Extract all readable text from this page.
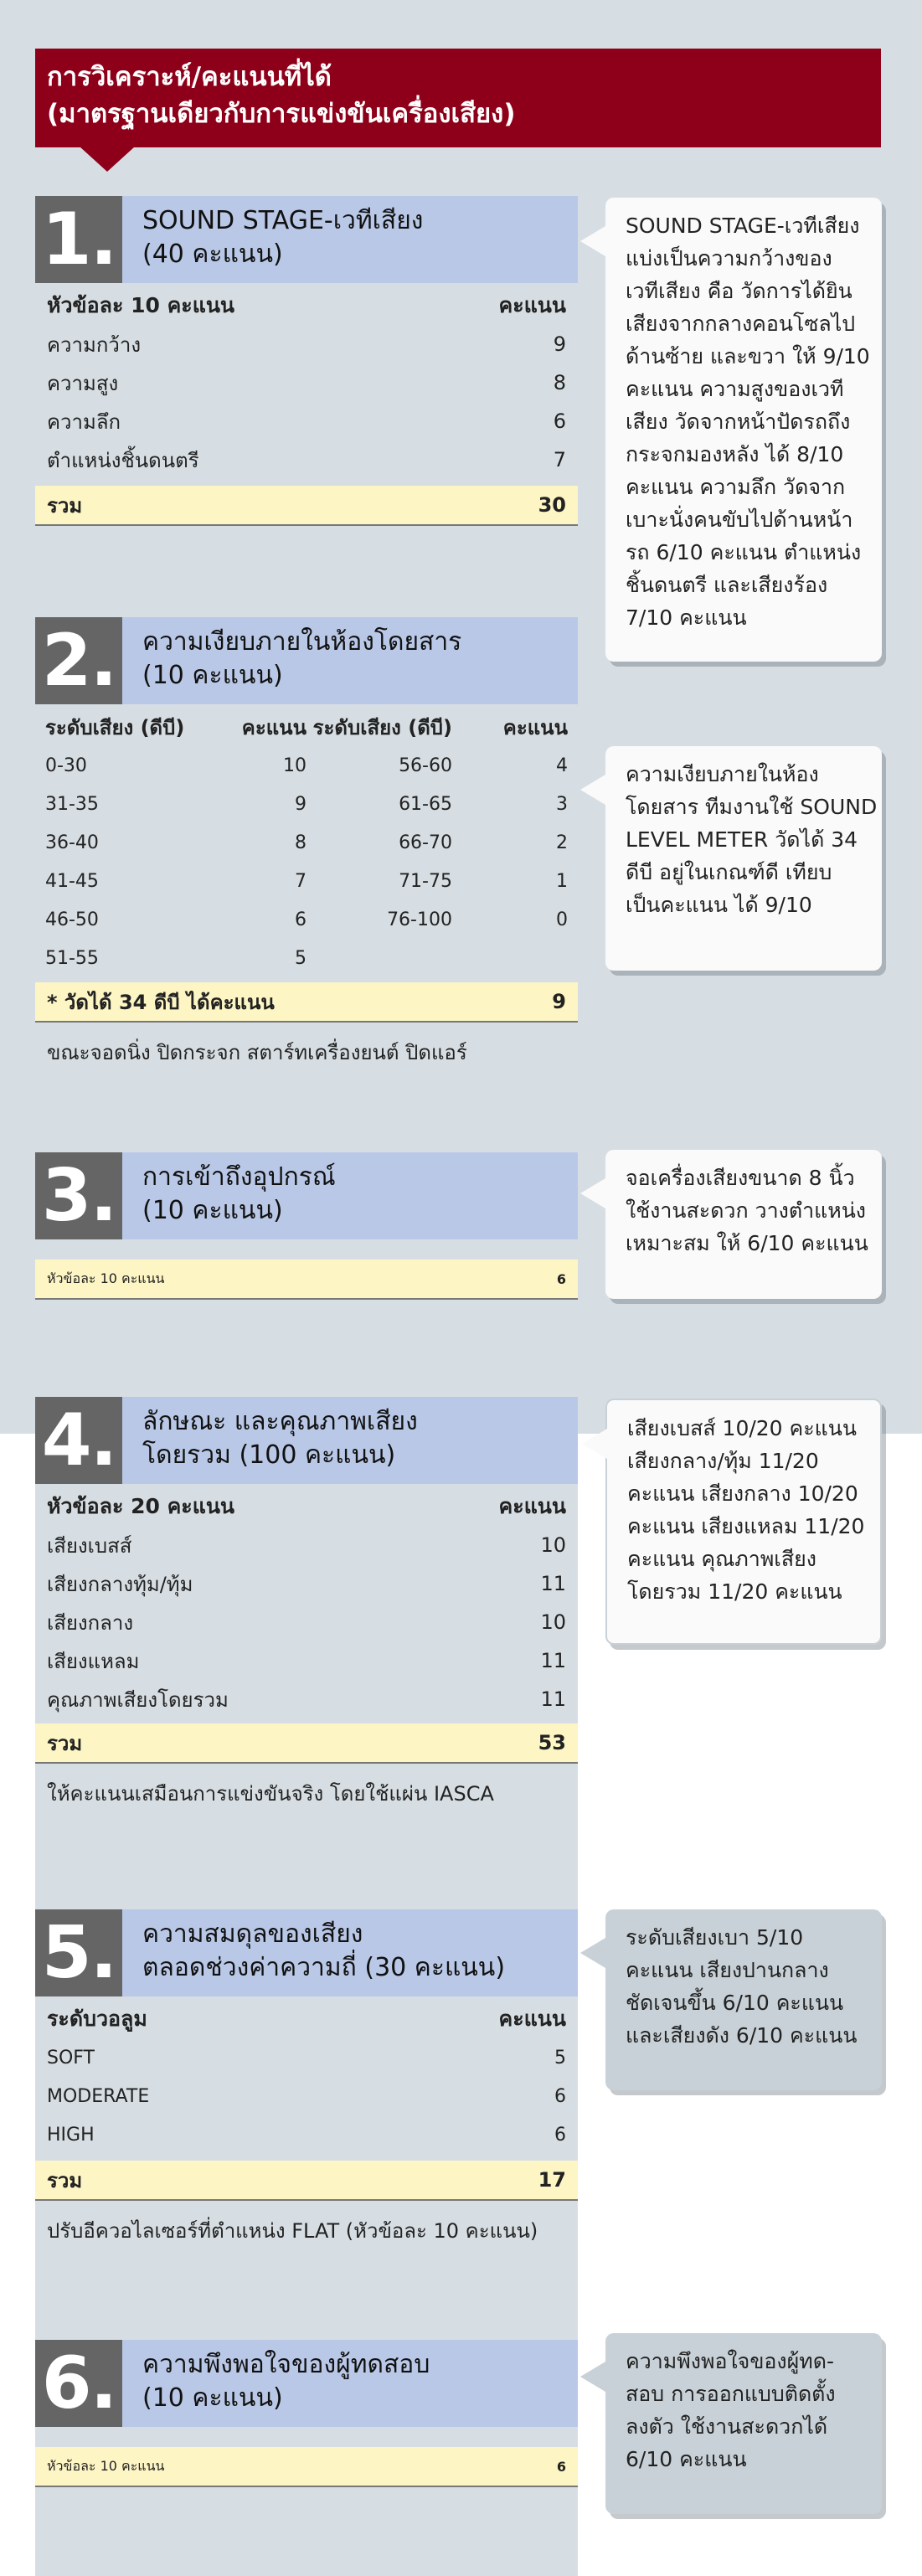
การวิเคราะห์/คะแนนที่ได้
(มาตรฐานเดียวกับการแข่งขันเครื่องเสียง)
1. SOUND STAGE-เวทีเสียง
(40 คะแนน)
หัวข้อละ 10 คะแนน	คะแนน
ความกว้าง	9
ความสูง	8
ความลึก	6
ตำแหน่งชิ้นดนตรี	7
รวม	30
SOUND STAGE-เวทีเสียง
แบ่งเป็นความกว้างของ
เวทีเสียง คือ วัดการได้ยิน
เสียงจากกลางคอนโซลไป
ด้านซ้าย และขวา ให้ 9/10
คะแนน ความสูงของเวที
เสียง วัดจากหน้าปัดรถถึง
กระจกมองหลัง ได้ 8/10
คะแนน ความลึก วัดจาก
เบาะนั่งคนขับไปด้านหน้า
รถ 6/10 คะแนน ตำแหน่ง
ชิ้นดนตรี และเสียงร้อง
7/10 คะแนน
2. ความเงียบภายในห้องโดยสาร
(10 คะแนน)
ระดับเสียง (ดีบี)	คะแนน ระดับเสียง (ดีบี)	คะแนน
0-30	10	56-60	4
31-35	9	61-65	3
36-40	8	66-70	2
41-45	7	71-75	1
46-50	6	76-100	0
51-55	5
* วัดได้ 34 ดีบี ได้คะแนน	9
ขณะจอดนิ่ง ปิดกระจก สตาร์ทเครื่องยนต์ ปิดแอร์
ความเงียบภายในห้อง
โดยสาร ทีมงานใช้ SOUND
LEVEL METER วัดได้ 34
ดีบี อยู่ในเกณฑ์ดี เทียบ
เป็นคะแนน ได้ 9/10
3. การเข้าถึงอุปกรณ์
(10 คะแนน)
หัวข้อละ 10 คะแนน	6
จอเครื่องเสียงขนาด 8 นิ้ว
ใช้งานสะดวก วางตำแหน่ง
เหมาะสม ให้ 6/10 คะแนน
4. ลักษณะ และคุณภาพเสียง
โดยรวม (100 คะแนน)
หัวข้อละ 20 คะแนน	คะแนน
เสียงเบสส์	10
เสียงกลางทุ้ม/ทุ้ม	11
เสียงกลาง	10
เสียงแหลม	11
คุณภาพเสียงโดยรวม	11
รวม	53
ให้คะแนนเสมือนการแข่งขันจริง โดยใช้แผ่น IASCA
เสียงเบสส์ 10/20 คะแนน
เสียงกลาง/ทุ้ม 11/20
คะแนน เสียงกลาง 10/20
คะแนน เสียงแหลม 11/20
คะแนน คุณภาพเสียง
โดยรวม 11/20 คะแนน
5. ความสมดุลของเสียง
ตลอดช่วงค่าความถี่ (30 คะแนน)
ระดับวอลูม	คะแนน
SOFT	5
MODERATE	6
HIGH	6
รวม	17
ปรับอีควอไลเซอร์ที่ตำแหน่ง FLAT (หัวข้อละ 10 คะแนน)
ระดับเสียงเบา 5/10
คะแนน เสียงปานกลาง
ชัดเจนขึ้น 6/10 คะแนน
และเสียงดัง 6/10 คะแนน
6. ความพึงพอใจของผู้ทดสอบ
(10 คะแนน)
หัวข้อละ 10 คะแนน	6
ความพึงพอใจของผู้ทด-
สอบ การออกแบบติดตั้ง
ลงตัว ใช้งานสะดวกได้
6/10 คะแนน
